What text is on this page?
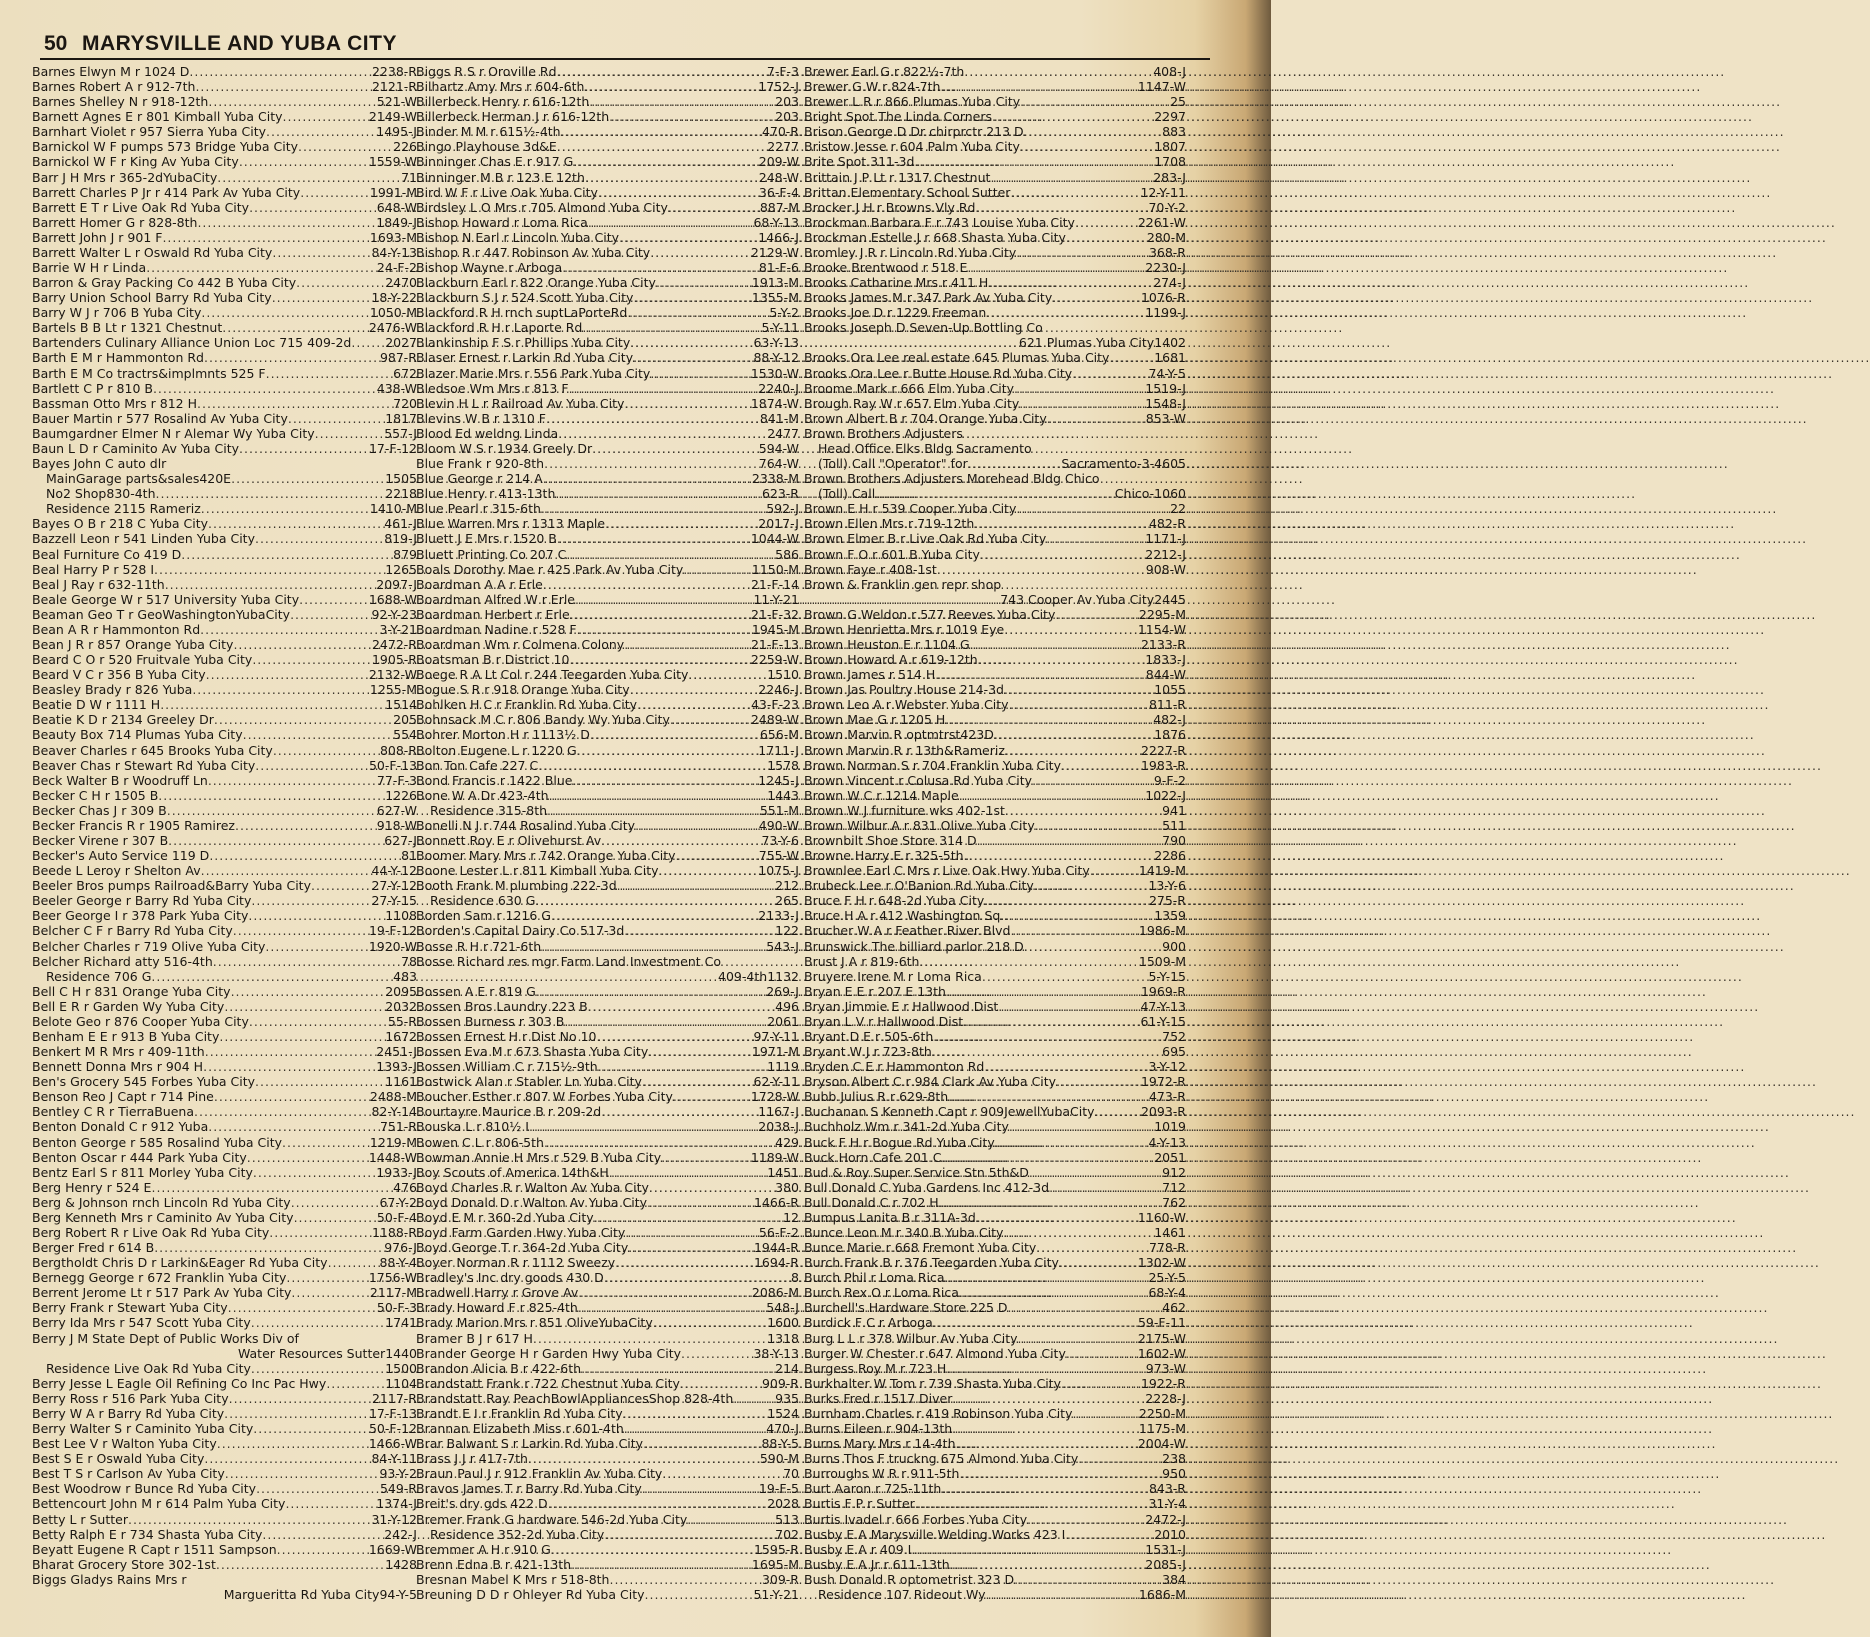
50 MARYSVILLE AND YUBA CITY
Barnes Elwyn M r 1024 D .....	2238-R
Barnes Robert A r 912-7th .....	2121-R
Barnes Shelley N r 918-12th .....	521-W
Barnett Agnes E r 801 Kimball Yuba City .....	2149-W
Barnhart Violet r 957 Sierra Yuba City .....	1495-J
Barnickol W F pumps 573 Bridge Yuba City .....	226
Barnickol W F r King Av Yuba City .....	1559-W
Barr J H Mrs r 365-2dYubaCity .....	71
Barrett Charles P Jr r 414 Park Av Yuba City .....	1991-M
Barrett E T r Live Oak Rd Yuba City .....	648-W
Barrett Homer G r 828-8th .....	1849-J
Barrett John J r 901 F .....	1693-M
Barrett Walter L r Oswald Rd Yuba City .....	84-Y-13
Barrie W H r Linda .....	24-F-2
Barron & Gray Packing Co 442 B Yuba City .....	2470
Barry Union School Barry Rd Yuba City .....	18-Y-22
Barry W J r 706 B Yuba City .....	1050-M
Bartels B B Lt r 1321 Chestnut .....	2476-W
Bartenders Culinary Alliance Union Loc 715 409-2d .....	2027
Barth E M r Hammonton Rd .....	987-R
Barth E M Co tractrs&implmnts 525 F .....	672
Bartlett C P r 810 B .....	438-W
Bassman Otto Mrs r 812 H .....	720
Bauer Martin r 577 Rosalind Av Yuba City .....	1817
Baumgardner Elmer N r Alemar Wy Yuba City .....	557-J
Baun L D r Caminito Av Yuba City .....	17-F-12
Bayes John C auto dlr
MainGarage parts&sales420E .....	1505
No2 Shop830-4th .....	2218
Residence 2115 Rameriz .....	1410-M
Bayes O B r 218 C Yuba City .....	461-J
Bazzell Leon r 541 Linden Yuba City .....	819-J
Beal Furniture Co 419 D .....	879
Beal Harry P r 528 I .....	1265
Beal J Ray r 632-11th .....	2097-J
Beale George W r 517 University Yuba City .....	1688-W
Beaman Geo T r GeoWashingtonYubaCity .....	92-Y-23
Bean A R r Hammonton Rd .....	3-Y-21
Bean J R r 857 Orange Yuba City .....	2472-R
Beard C O r 520 Fruitvale Yuba City .....	1905-R
Beard V C r 356 B Yuba City .....	2132-W
Beasley Brady r 826 Yuba .....	1255-M
Beatie D W r 1111 H .....	1514
Beatie K D r 2134 Greeley Dr .....	205
Beauty Box 714 Plumas Yuba City .....	554
Beaver Charles r 645 Brooks Yuba City .....	808-R
Beaver Chas r Stewart Rd Yuba City .....	50-F-13
Beck Walter B r Woodruff Ln .....	77-F-3
Becker C H r 1505 B .....	1226
Becker Chas J r 309 B .....	627-W
Becker Francis R r 1905 Ramirez .....	918-W
Becker Virene r 307 B .....	627-J
Becker's Auto Service 119 D .....	81
Beede L Leroy r Shelton Av .....	44-Y-12
Beeler Bros pumps Railroad&Barry Yuba City .....	27-Y-12
Beeler George r Barry Rd Yuba City .....	27-Y-15
Beer George I r 378 Park Yuba City .....	1108
Belcher C F r Barry Rd Yuba City .....	19-F-12
Belcher Charles r 719 Olive Yuba City .....	1920-W
Belcher Richard atty 516-4th .....	78
Residence 706 G .....	483
Bell C H r 831 Orange Yuba City .....	2095
Bell E R r Garden Wy Yuba City .....	2032
Belote Geo r 876 Cooper Yuba City .....	55-R
Benham E E r 913 B Yuba City .....	1672
Benkert M R Mrs r 409-11th .....	2451-J
Bennett Donna Mrs r 904 H .....	1393-J
Ben's Grocery 545 Forbes Yuba City .....	1161
Benson Reo J Capt r 714 Pine .....	2488-M
Bentley C R r TierraBuena .....	82-Y-14
Benton Donald C r 912 Yuba .....	751-R
Benton George r 585 Rosalind Yuba City .....	1219-M
Benton Oscar r 444 Park Yuba City .....	1448-W
Bentz Earl S r 811 Morley Yuba City .....	1933-J
Berg Henry r 524 E .....	476
Berg & Johnson rnch Lincoln Rd Yuba City .....	67-Y-2
Berg Kenneth Mrs r Caminito Av Yuba City .....	50-F-4
Berg Robert R r Live Oak Rd Yuba City .....	1188-R
Berger Fred r 614 B .....	976-J
Bergtholdt Chris D r Larkin&Eager Rd Yuba City .....	88-Y-4
Bernegg George r 672 Franklin Yuba City .....	1756-W
Berrent Jerome Lt r 517 Park Av Yuba City .....	2117-M
Berry Frank r Stewart Yuba City .....	50-F-3
Berry Ida Mrs r 547 Scott Yuba City .....	1741
Berry J M State Dept of Public Works Div of
Water Resources Sutter 1440
Residence Live Oak Rd Yuba City .....	1500
Berry Jesse L Eagle Oil Refining Co Inc Pac Hwy .....	1104
Berry Ross r 516 Park Yuba City .....	2117-R
Berry W A r Barry Rd Yuba City .....	17-F-13
Berry Walter S r Caminito Yuba City .....	50-F-12
Best Lee V r Walton Yuba City .....	1466-W
Best S E r Oswald Yuba City .....	84-Y-11
Best T S r Carlson Av Yuba City .....	93-Y-2
Best Woodrow r Bunce Rd Yuba City .....	549-R
Bettencourt John M r 614 Palm Yuba City .....	1374-J
Betty L r Sutter .....	31-Y-12
Betty Ralph E r 734 Shasta Yuba City .....	242-J
Beyatt Eugene R Capt r 1511 Sampson .....	1669-W
Bharat Grocery Store 302-1st .....	1428
Biggs Gladys Rains Mrs r
Margueritta Rd Yuba City 94-Y-5
Biggs R S r Oroville Rd .....	7-F-3
Bilhartz Amy Mrs r 604-6th .....	1752-J
Billerbeck Henry r 616-12th .....	203
Billerbeck Herman J r 616-12th .....	203
Binder M M r 615½-4th .....	470-R
Bingo Playhouse 3d&E .....	2277
Binninger Chas E r 917 G .....	209-W
Binninger M B r 123 E 12th .....	248-W
Bird W F r Live Oak Yuba City .....	36-F-4
Birdsley L O Mrs r 705 Almond Yuba City .....	887-M
Bishop Howard r Loma Rica .....	68-Y-13
Bishop N Earl r Lincoln Yuba City .....	1466-J
Bishop R r 447 Robinson Av Yuba City .....	2129-W
Bishop Wayne r Arboga .....	81-F-6
Blackburn Earl r 822 Orange Yuba City .....	1913-M
Blackburn S J r 524 Scott Yuba City .....	1355-M
Blackford R H rnch suptLaPorteRd .....	5-Y-2
Blackford R H r Laporte Rd .....	5-Y-11
Blankinship F S r Phillips Yuba City .....	63-Y-13
Blaser Ernest r Larkin Rd Yuba City .....	88-Y-12
Blazer Marie Mrs r 556 Park Yuba City .....	1530-W
Bledsoe Wm Mrs r 813 F .....	2240-J
Blevin H L r Railroad Av Yuba City .....	1874-W
Blevins W B r 1310 F .....	841-M
Blood Ed weldng Linda .....	2477
Bloom W S r 1934 Greely Dr .....	594-W
Blue Frank r 920-8th .....	764-W
Blue George r 214 A .....	2338-M
Blue Henry r 413-13th .....	623-R
Blue Pearl r 315-6th .....	592-J
Blue Warren Mrs r 1313 Maple .....	2017-J
Bluett J E Mrs r 1520 B .....	1044-W
Bluett Printing Co 207 C .....	586
Boals Dorothy Mae r 425 Park Av Yuba City .....	1150-M
Boardman A A r Erle .....	21-F-14
Boardman Alfred W r Erle .....	11-Y-21
Boardman Herbert r Erle .....	21-F-32
Boardman Nadine r 528 F .....	1945-M
Boardman Wm r Colmena Colony .....	21-F-13
Boatsman B r District 10 .....	2259-W
Boege R A Lt Col r 244 Teegarden Yuba City .....	1510
Bogue S R r 918 Orange Yuba City .....	2246-J
Bohlken H C r Franklin Rd Yuba City .....	43-F-23
Bohnsack M C r 806 Bandy Wy Yuba City .....	2489-W
Bohrer Morton H r 1113½ D .....	656-M
Bolton Eugene L r 1220 G .....	1711-J
Bon Ton Cafe 227 C .....	1578
Bond Francis r 1422 Blue .....	1245-J
Bone W A Dr 423-4th .....	1443
Residence 315-8th .....	551-M
Bonelli N J r 744 Rosalind Yuba City .....	490-W
Bonnett Roy E r Olivehurst Av .....	73-Y-6
Boomer Mary Mrs r 742 Orange Yuba City .....	755-W
Boone Lester L r 811 Kimball Yuba City .....	1075-J
Booth Frank M plumbing 222-3d .....	212
Residence 630 G .....	265
Borden Sam r 1216 G .....	2133-J
Borden's Capital Dairy Co 517-3d .....	122
Bosse R H r 721-6th .....	543-J
Bosse Richard res mgr Farm Land Investment Co
409-4th 1132
Bossen A E r 819 G .....	269-J
Bossen Bros Laundry 223 B .....	496
Bossen Burness r 303 B .....	2061
Bossen Ernest H r Dist No 10 .....	97-Y-11
Bossen Eva M r 673 Shasta Yuba City .....	1971-M
Bossen William C r 715½-9th .....	1119
Bostwick Alan r Stabler Ln Yuba City .....	62-Y-11
Boucher Esther r 807 W Forbes Yuba City .....	1728-W
Bourtayre Maurice B r 209-2d .....	1167-J
Bouska L r 810½ I .....	2038-J
Bowen C L r 806-5th .....	429
Bowman Annie H Mrs r 529 B Yuba City .....	1189-W
Boy Scouts of America 14th&H .....	1451
Boyd Charles R r Walton Av Yuba City .....	380
Boyd Donald D r Walton Av Yuba City .....	1466-R
Boyd E M r 360-2d Yuba City .....	12
Boyd Farm Garden Hwy Yuba City .....	56-F-2
Boyd George T r 364-2d Yuba City .....	1944-R
Boyer Norman R r 1112 Sweezy .....	1694-R
Bradley's Inc dry goods 430 D .....	8
Bradwell Harry r Grove Av .....	2086-M
Brady Howard F r 825-4th .....	548-J
Brady Marion Mrs r 851 OliveYubaCity .....	1600
Bramer B J r 617 H .....	1318
Brander George H r Garden Hwy Yuba City .....	38-Y-13
Brandon Alicia B r 422-6th .....	214
Brandstatt Frank r 722 Chestnut Yuba City .....	909-R
Brandstatt Ray PeachBowlAppliancesShop 828-4th .....	935
Brandt E I r Franklin Rd Yuba City .....	1524
Brannan Elizabeth Miss r 601-4th .....	470-J
Brar Balwant S r Larkin Rd Yuba City .....	88-Y-5
Brass J J r 417-7th .....	590-M
Braun Paul J r 912 Franklin Av Yuba City .....	70
Bravos James T r Barry Rd Yuba City .....	19-F-5
Breit's dry gds 422 D .....	2028
Bremer Frank G hardware 546-2d Yuba City .....	513
Residence 352-2d Yuba City .....	702
Bremmer A H r 910 G .....	1595-R
Brenn Edna B r 421-13th .....	1695-M
Bresnan Mabel K Mrs r 518-8th .....	309-R
Breuning D D r Ohleyer Rd Yuba City .....	51-Y-21
Brewer Earl G r 822½-7th .....	408-J
Brewer G W r 824-7th .....	1147-W
Brewer L R r 866 Plumas Yuba City .....	25
Bright Spot The Linda Corners .....	2297
Brison George D Dr chirprctr 213 D .....	883
Bristow Jesse r 604 Palm Yuba City .....	1807
Brite Spot 311-3d .....	1708
Brittain J P Lt r 1317 Chestnut .....	283-J
Brittan Elementary School Sutter .....	12-Y-11
Brocker J H r Browns Vly Rd .....	70-Y-2
Brockman Barbara F r 743 Louise Yuba City .....	2261-W
Brockman Estelle J r 668 Shasta Yuba City .....	280-M
Bromley J R r Lincoln Rd Yuba City .....	368-R
Brooke Brentwood r 518 E .....	2230-J
Brooks Catharine Mrs r 411 H .....	274-J
Brooks James M r 347 Park Av Yuba City .....	1076-R
Brooks Joe D r 1229 Freeman .....	1199-J
Brooks Joseph D Seven-Up Bottling Co
621 Plumas Yuba City 1402
Brooks Ora Lee real estate 645 Plumas Yuba City .....	1681
Brooks Ora Lee r Butte House Rd Yuba City .....	74-Y-5
Broome Mark r 666 Elm Yuba City .....	1519-J
Brough Ray W r 657 Elm Yuba City .....	1548-J
Brown Albert B r 704 Orange Yuba City .....	853-W
Brown Brothers Adjusters
Head Office Elks Bldg Sacramento
(Toll) Call "Operator" for .....	Sacramento-3-4605
Brown Brothers Adjusters Morehead Bldg Chico
(Toll) Call .....	Chico-1060
Brown E H r 539 Cooper Yuba City .....	22
Brown Ellen Mrs r 719-12th .....	482-R
Brown Elmer B r Live Oak Rd Yuba City .....	1171-J
Brown F O r 601 B Yuba City .....	2212-J
Brown Faye r 408-1st .....	908-W
Brown & Franklin gen repr shop
743 Cooper Av Yuba City 2445
Brown G Weldon r 577 Reeves Yuba City .....	2295-M
Brown Henrietta Mrs r 1019 Eye .....	1154-W
Brown Heuston E r 1104 G .....	2133-R
Brown Howard A r 619-12th .....	1833-J
Brown James r 514 H .....	844-W
Brown Jas Poultry House 214-3d .....	1055
Brown Leo A r Webster Yuba City .....	811-R
Brown Mae G r 1205 H .....	482-J
Brown Marvin R optmtrst423D .....	1876
Brown Marvin R r 13th&Rameriz .....	2227-R
Brown Norman S r 704 Franklin Yuba City .....	1983-R
Brown Vincent r Colusa Rd Yuba City .....	9-F-2
Brown W C r 1214 Maple .....	1022-J
Brown W J furniture wks 402-1st .....	941
Brown Wilbur A r 831 Olive Yuba City .....	511
Brownbilt Shoe Store 314 D .....	790
Browne Harry E r 325-5th .....	2286
Brownlee Earl C Mrs r Live Oak Hwy Yuba City .....	1419-M
Brubeck Lee r O'Banion Rd Yuba City .....	13-Y-6
Bruce F H r 648-2d Yuba City .....	275-R
Bruce H A r 412 Washington Sq .....	1359
Brucher W A r Feather River Blvd .....	1986-M
Brunswick The billiard parlor 218 D .....	900
Brust J A r 819-6th .....	1509-M
Bruyere Irene M r Loma Rica .....	5-Y-15
Bryan E E r 207 E 13th .....	1969-R
Bryan Jimmie E r Hallwood Dist .....	47-Y-13
Bryan L V r Hallwood Dist .....	61-Y-15
Bryant D E r 505-6th .....	752
Bryant W J r 723-8th .....	695
Bryden C E r Hammonton Rd .....	3-Y-12
Bryson Albert C r 984 Clark Av Yuba City .....	1972-R
Bubb Julius R r 629-8th .....	473-R
Buchanan S Kenneth Capt r 909JewellYubaCity .....	2093-R
Buchholz Wm r 341-2d Yuba City .....	1019
Buck F H r Bogue Rd Yuba City .....	4-Y-13
Buck Horn Cafe 201 C .....	2051
Bud & Roy Super Service Stn 5th&D .....	912
Bull Donald C Yuba Gardens Inc 412-3d .....	712
Bull Donald C r 702 H .....	762
Bumpus Lanita B r 311A-3d .....	1160-W
Bunce Leon M r 340 B Yuba City .....	1461
Bunce Marie r 668 Fremont Yuba City .....	778-R
Burch Frank B r 376 Teegarden Yuba City .....	1302-W
Burch Phil r Loma Rica .....	25-Y-5
Burch Rex O r Loma Rica .....	68-Y-4
Burchell's Hardware Store 225 D .....	462
Burdick F C r Arboga .....	59-F-11
Burg L L r 378 Wilbur Av Yuba City .....	2175-W
Burger W Chester r 647 Almond Yuba City .....	1602-W
Burgess Roy M r 723 H .....	973-W
Burkhalter W Tom r 739 Shasta Yuba City .....	1922-R
Burks Fred r 1517 Diver .....	2228-J
Burnham Charles r 419 Robinson Yuba City .....	2250-M
Burns Eileen r 904-13th .....	1175-M
Burns Mary Mrs r 14-4th .....	2004-W
Burns Thos F truckng 675 Almond Yuba City .....	238
Burroughs W R r 911-5th .....	950
Burt Aaron r 725-11th .....	843-R
Burtis F P r Sutter .....	31-Y-4
Burtis Ivadel r 666 Forbes Yuba City .....	2472-J
Busby E A Marysville Welding Works 423 I .....	2010
Busby E A r 409 I .....	1531-J
Busby E A Jr r 611-13th .....	2085-J
Bush Donald R optometrist 323 D .....	384
Residence 107 Rideout Wy .....	1686-M
